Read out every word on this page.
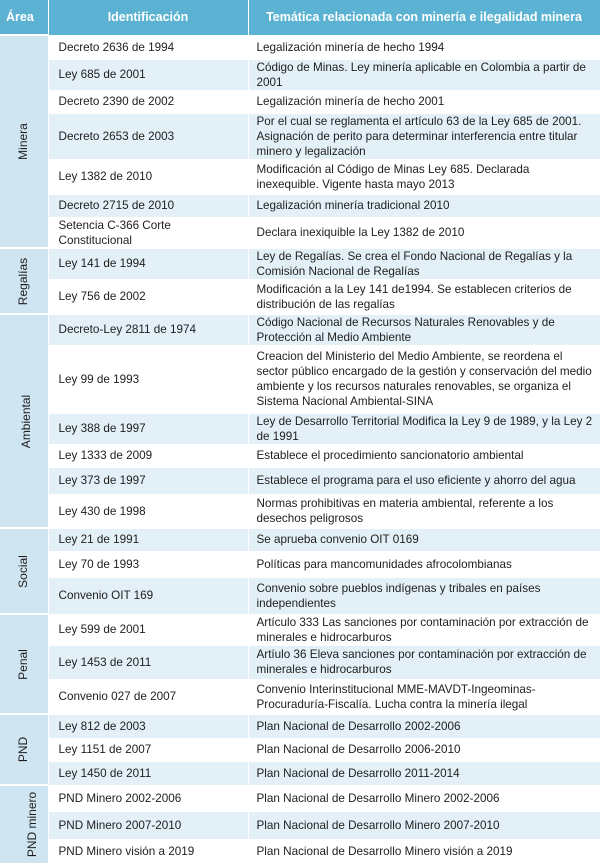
Área	Identificación	Temática relacionada con minería e ilegalidad minera
Minera	Decreto 2636 de 1994	Legalización minería de hecho 1994
	Ley 685 de 2001	Código de Minas. Ley minería aplicable en Colombia a partir de 2001
	Decreto 2390 de 2002	Legalización minería de hecho 2001
	Decreto 2653 de 2003	Por el cual se reglamenta el artículo 63 de la Ley 685 de 2001. Asignación de perito para determinar interferencia entre titular minero y legalización
	Ley 1382 de 2010	Modificación al Código de Minas Ley 685. Declarada inexequible. Vigente hasta mayo 2013
	Decreto 2715 de 2010	Legalización minería tradicional 2010
	Setencia C-366 Corte Constitucional	Declara inexiquible la Ley 1382 de 2010
Regalías	Ley 141 de 1994	Ley de Regalías. Se crea el Fondo Nacional de Regalías y la Comisión Nacional de Regalías
	Ley 756 de 2002	Modificación a la Ley 141 de1994. Se establecen criterios de distribución de las regalías
Ambiental	Decreto-Ley 2811 de 1974	Código Nacional de Recursos Naturales Renovables y de Protección al Medio Ambiente
	Ley 99 de 1993	Creacion del Ministerio del Medio Ambiente, se reordena el sector público encargado de la gestión y conservación del medio ambiente y los recursos naturales renovables, se organiza el Sistema Nacional Ambiental-SINA
	Ley 388 de 1997	Ley de Desarrollo Territorial Modifica la Ley 9 de 1989, y la Ley 2 de 1991
	Ley 1333 de 2009	Establece el procedimiento sancionatorio ambiental
	Ley 373 de 1997	Establece el programa para el uso eficiente y ahorro del agua
	Ley 430 de 1998	Normas prohibitivas en materia ambiental, referente a los desechos peligrosos
Social	Ley 21 de 1991	Se aprueba convenio OIT 0169
	Ley 70 de 1993	Políticas para mancomunidades afrocolombianas
	Convenio OIT 169	Convenio sobre pueblos indígenas y tribales en países independientes
Penal	Ley 599 de 2001	Artículo 333 Las sanciones por contaminación por extracción de minerales e hidrocarburos
	Ley 1453 de 2011	Artíulo 36 Eleva sanciones por contaminación por extracción de minerales e hidrocarburos
	Convenio 027 de 2007	Convenio Interinstitucional MME-MAVDT-Ingeominas-Procuraduría-Fiscalía. Lucha contra la minería ilegal
PND	Ley 812 de 2003	Plan Nacional de Desarrollo 2002-2006
	Ley 1151 de 2007	Plan Nacional de Desarrollo 2006-2010
	Ley 1450 de 2011	Plan Nacional de Desarrollo 2011-2014
PND minero	PND Minero 2002-2006	Plan Nacional de Desarrollo Minero 2002-2006
	PND Minero 2007-2010	Plan Nacional de Desarrollo Minero 2007-2010
	PND Minero visión a 2019	Plan Nacional de Desarrollo Minero visión a 2019
